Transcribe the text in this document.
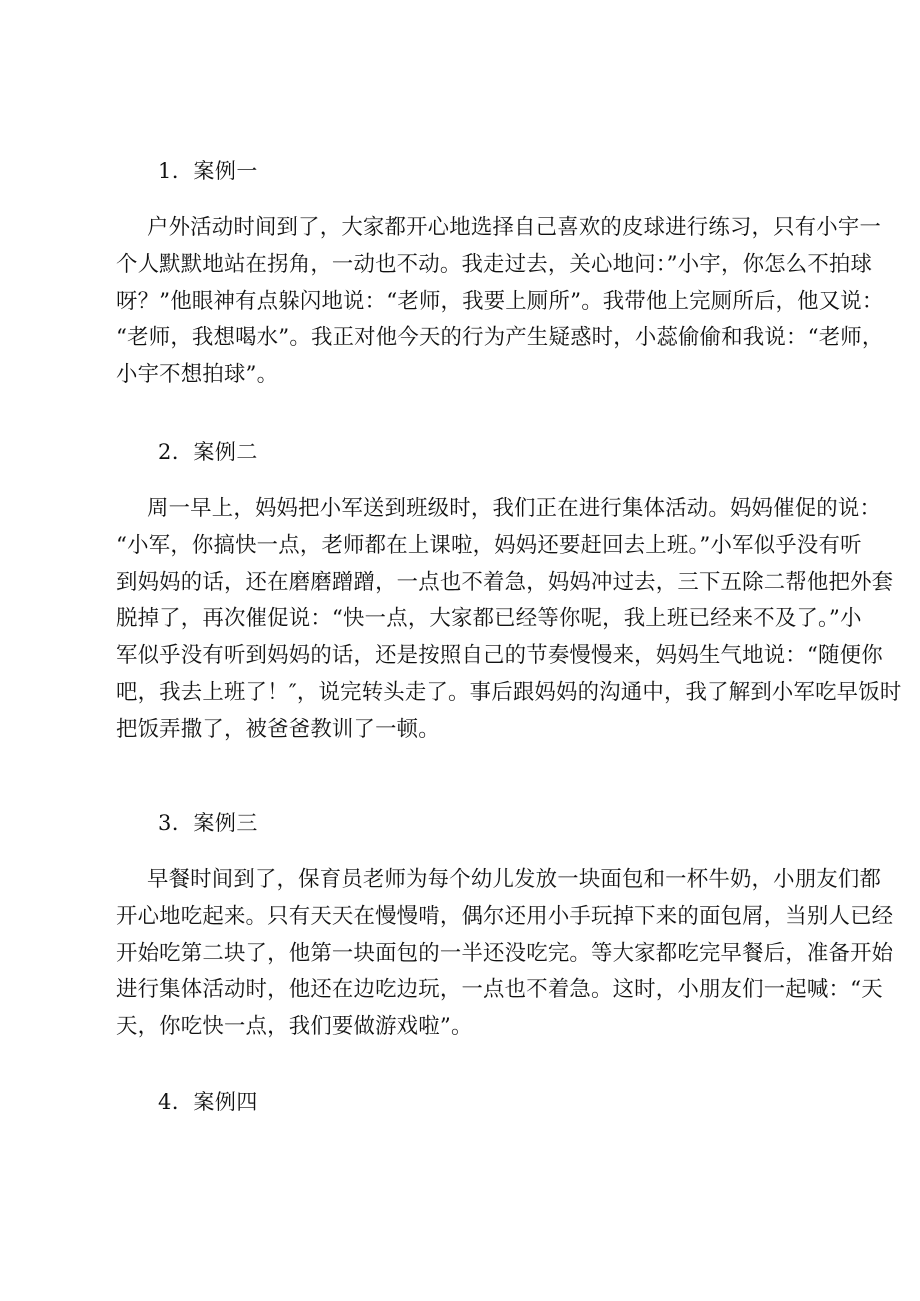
1．案例一
户外活动时间到了，大家都开心地选择自己喜欢的皮球进行练习，只有小宇一
个人默默地站在拐角，一动也不动。我走过去，关心地问：”小宇，你怎么不拍球
呀？”他眼神有点躲闪地说：“老师，我要上厕所”。我带他上完厕所后，他又说：
“老师，我想喝水”。我正对他今天的行为产生疑惑时，小蕊偷偷和我说：“老师，
小宇不想拍球”。
2．案例二
周一早上，妈妈把小军送到班级时，我们正在进行集体活动。妈妈催促的说：
“小军，你搞快一点，老师都在上课啦，妈妈还要赶回去上班。”小军似乎没有听
到妈妈的话，还在磨磨蹭蹭，一点也不着急，妈妈冲过去，三下五除二帮他把外套
脱掉了，再次催促说：“快一点，大家都已经等你呢，我上班已经来不及了。”小
军似乎没有听到妈妈的话，还是按照自己的节奏慢慢来，妈妈生气地说：“随便你
吧，我去上班了！″，说完转头走了。事后跟妈妈的沟通中，我了解到小军吃早饭时
把饭弄撒了，被爸爸教训了一顿。
3．案例三
早餐时间到了，保育员老师为每个幼儿发放一块面包和一杯牛奶，小朋友们都
开心地吃起来。只有天天在慢慢啃，偶尔还用小手玩掉下来的面包屑，当别人已经
开始吃第二块了，他第一块面包的一半还没吃完。等大家都吃完早餐后，准备开始
进行集体活动时，他还在边吃边玩，一点也不着急。这时，小朋友们一起喊：“天
天，你吃快一点，我们要做游戏啦”。
4．案例四
